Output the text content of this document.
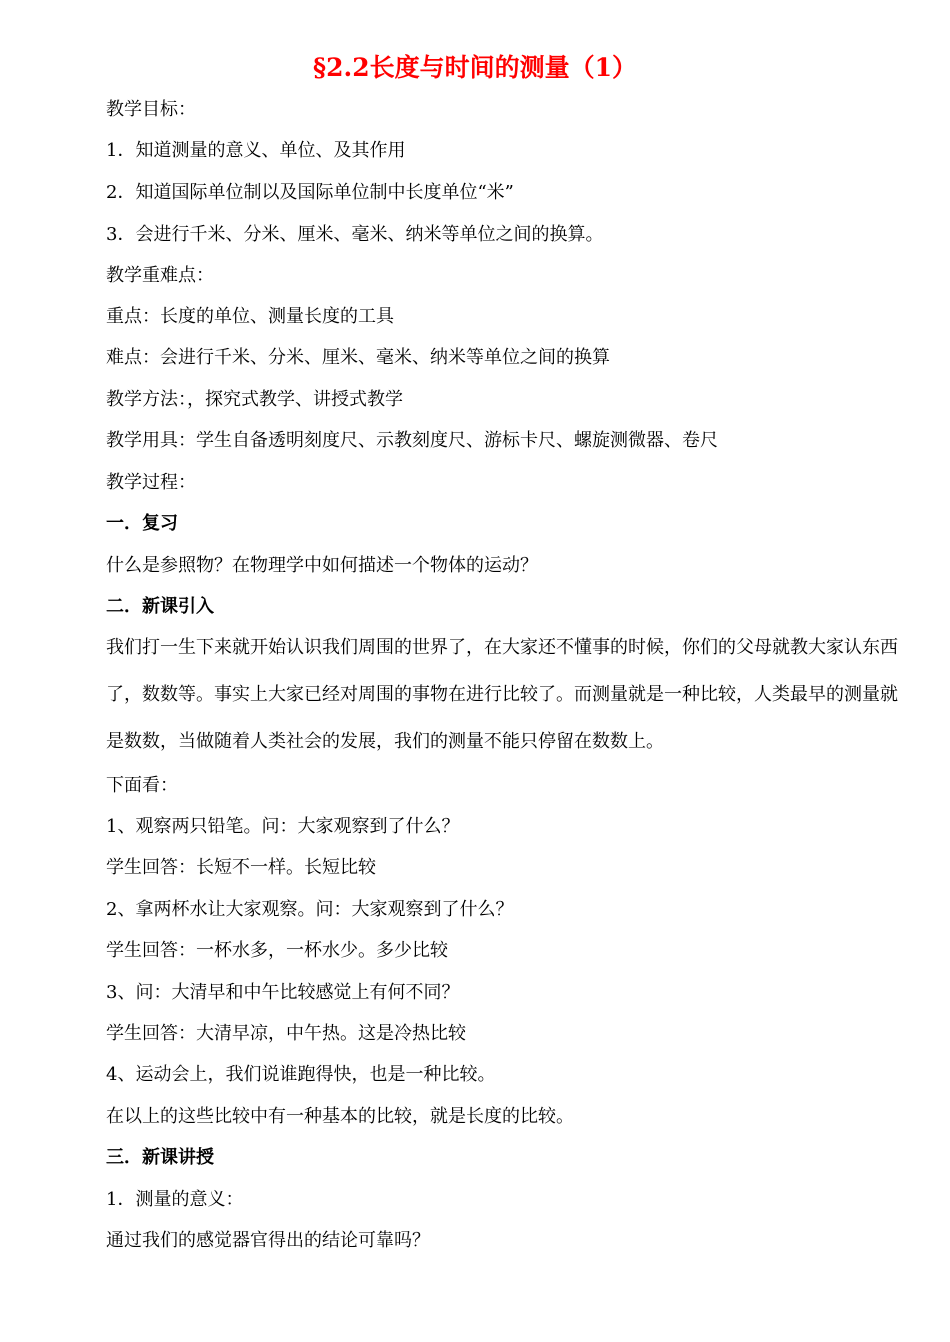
§2.2长度与时间的测量（1）
教学目标：
1．知道测量的意义、单位、及其作用
2．知道国际单位制以及国际单位制中长度单位“米”
3．会进行千米、分米、厘米、毫米、纳米等单位之间的换算。
教学重难点：
重点：长度的单位、测量长度的工具
难点：会进行千米、分米、厘米、毫米、纳米等单位之间的换算
教学方法：，探究式教学、讲授式教学
教学用具：学生自备透明刻度尺、示教刻度尺、游标卡尺、螺旋测微器、卷尺
教学过程：
一．复习
什么是参照物？在物理学中如何描述一个物体的运动？
二．新课引入
我们打一生下来就开始认识我们周围的世界了，在大家还不懂事的时候，你们的父母就教大家认东西了，数数等。事实上大家已经对周围的事物在进行比较了。而测量就是一种比较，人类最早的测量就是数数，当做随着人类社会的发展，我们的测量不能只停留在数数上。
下面看：
1、观察两只铅笔。问：大家观察到了什么？
学生回答：长短不一样。长短比较
2、拿两杯水让大家观察。问：大家观察到了什么？
学生回答：一杯水多，一杯水少。多少比较
3、问：大清早和中午比较感觉上有何不同？
学生回答：大清早凉，中午热。这是冷热比较
4、运动会上，我们说谁跑得快，也是一种比较。
在以上的这些比较中有一种基本的比较，就是长度的比较。
三．新课讲授
1．测量的意义：
通过我们的感觉器官得出的结论可靠吗？
